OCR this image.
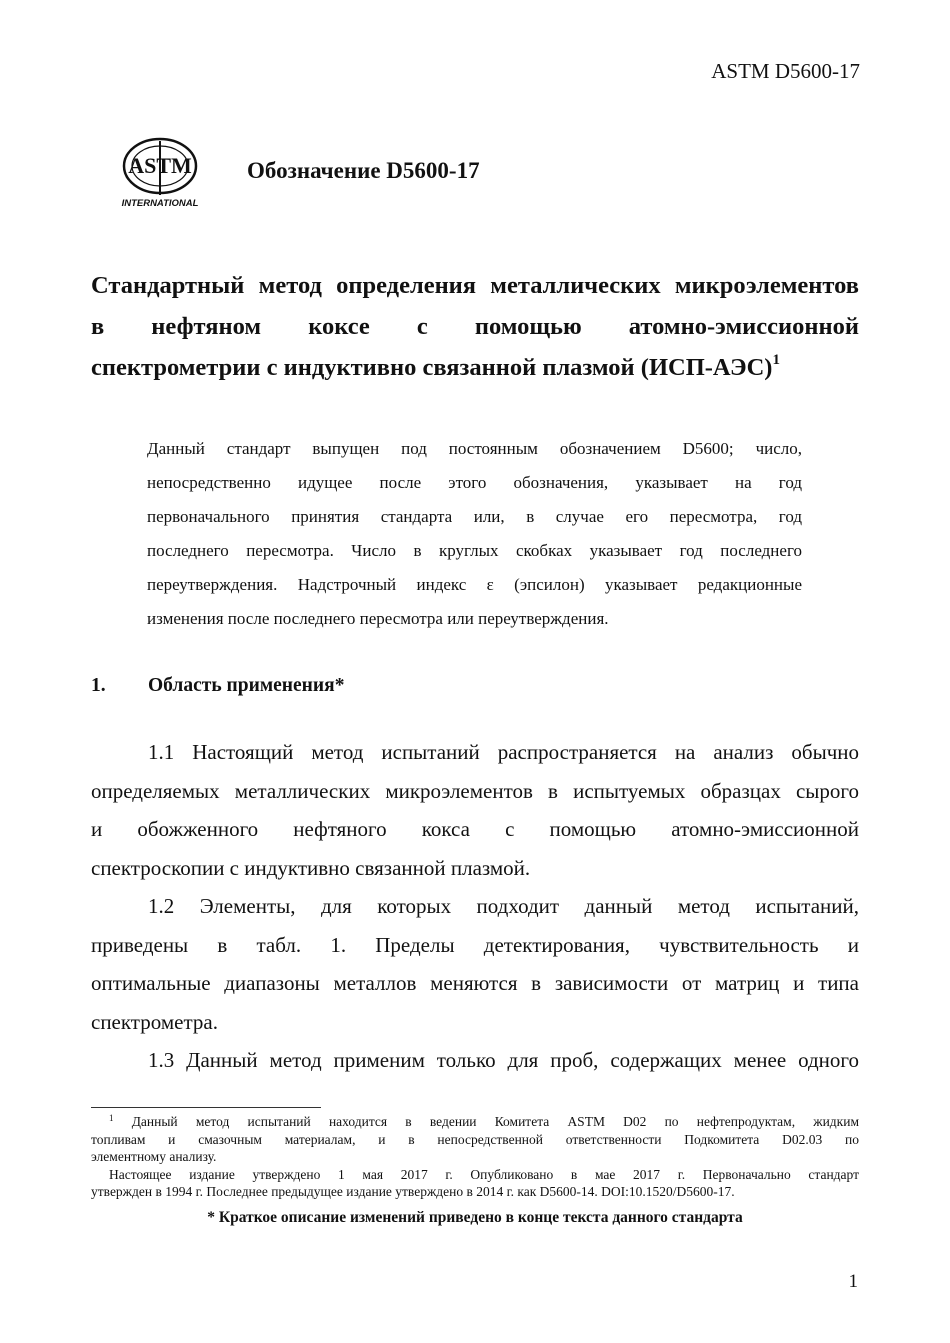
ASTM D5600-17
ASTM
INTERNATIONAL
Обозначение D5600-17
Стандартный метод определения металлических микроэлементов
в нефтяном коксе с помощью атомно-эмиссионной
спектрометрии с индуктивно связанной плазмой $(ИСП-АЭС)^1$
Данный стандарт выпущен под постоянным обозначением D5600; число,
непосредственно идущее после этого обозначения, указывает на год
первоначального принятия стандарта или, в случае его пересмотра, год
последнего пересмотра. Число в круглых скобках указывает год последнего
переутверждения. Надстрочный индекс ε (эпсилон) указывает редакционные
изменения после последнего пересмотра или переутверждения.
1. Область применения*
1.1 Настоящий метод испытаний распространяется на анализ обычно
определяемых металлических микроэлементов в испытуемых образцах сырого
и обожженного нефтяного кокса с помощью атомно-эмиссионной
спектроскопии с индуктивно связанной плазмой.
1.2 Элементы, для которых подходит данный метод испытаний,
приведены в табл. 1. Пределы детектирования, чувствительность и
оптимальные диапазоны металлов меняются в зависимости от матриц и типа
спектрометра.
1.3 Данный метод применим только для проб, содержащих менее одного
$^1$ Данный метод испытаний находится в ведении Комитета ASTM D02 по нефтепродуктам, жидким
топливам и смазочным материалам, и в непосредственной ответственности Подкомитета D02.03 по
элементному анализу.
Настоящее издание утверждено 1 мая 2017 г. Опубликовано в мае 2017 г. Первоначально стандарт
утвержден в 1994 г. Последнее предыдущее издание утверждено в 2014 г. как D5600-14. DOI:10.1520/D5600-17.
* Краткое описание изменений приведено в конце текста данного стандарта
1
